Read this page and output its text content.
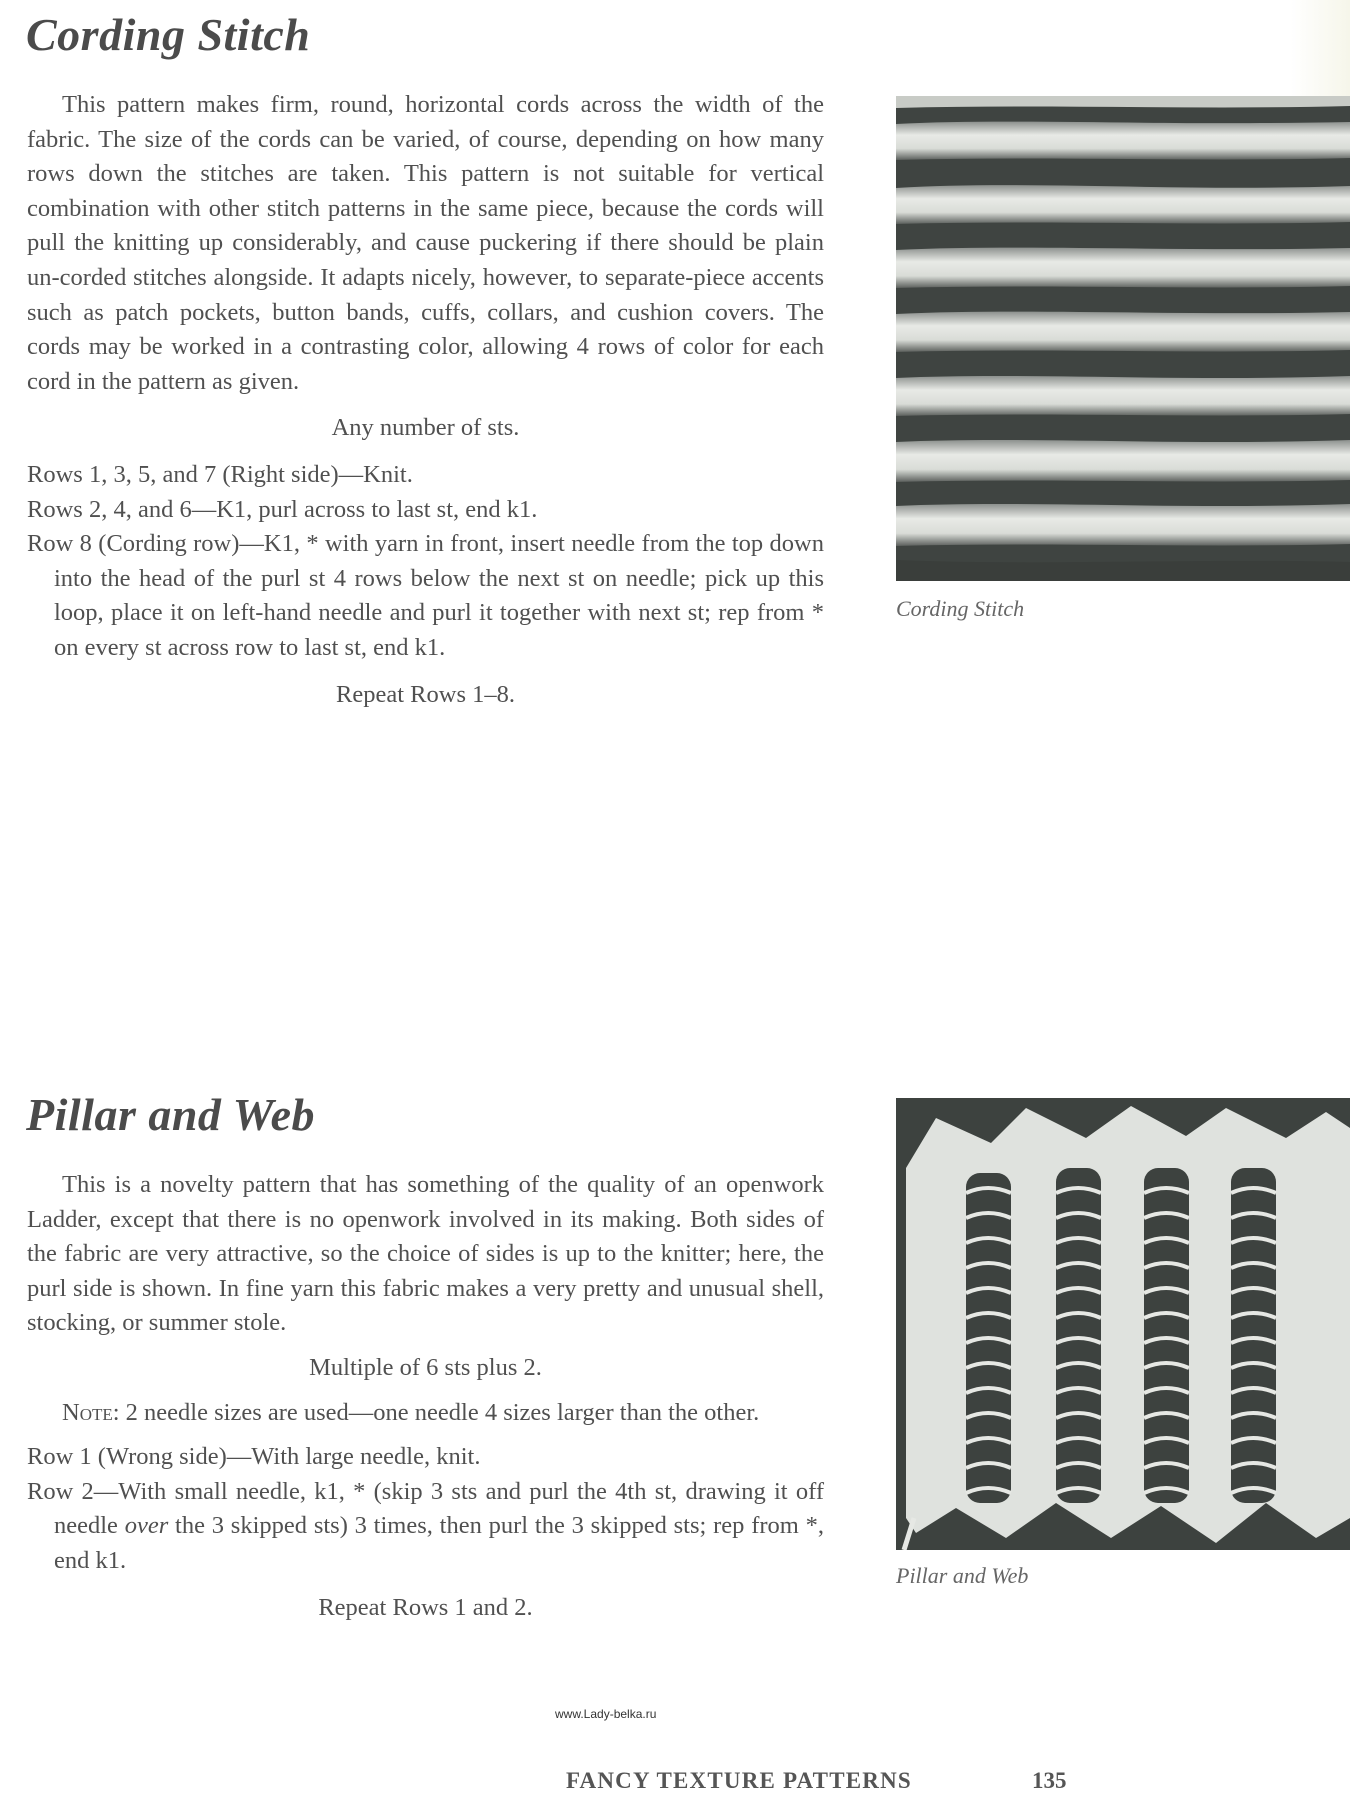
Cording Stitch

This pattern makes firm, round, horizontal cords across the width of the fabric. The size of the cords can be varied, of course, depending on how many rows down the stitches are taken. This pattern is not suitable for vertical combination with other stitch patterns in the same piece, because the cords will pull the knitting up considerably, and cause puckering if there should be plain un-corded stitches alongside. It adapts nicely, however, to separate-piece accents such as patch pockets, button bands, cuffs, collars, and cushion covers. The cords may be worked in a contrasting color, allowing 4 rows of color for each cord in the pattern as given.

Any number of sts.

Rows 1, 3, 5, and 7 (Right side)—Knit.

Rows 2, 4, and 6—K1, purl across to last st, end k1.

Row 8 (Cording row)—K1, * with yarn in front, insert needle from the top down into the head of the purl st 4 rows below the next st on needle; pick up this loop, place it on left-hand needle and purl it together with next st; rep from * on every st across row to last st, end k1.

Repeat Rows 1–8.

Cording Stitch
Pillar and Web

This is a novelty pattern that has something of the quality of an openwork Ladder, except that there is no openwork involved in its making. Both sides of the fabric are very attractive, so the choice of sides is up to the knitter; here, the purl side is shown. In fine yarn this fabric makes a very pretty and unusual shell, stocking, or summer stole.

Multiple of 6 sts plus 2.

Note: 2 needle sizes are used—one needle 4 sizes larger than the other.

Row 1 (Wrong side)—With large needle, knit.

Row 2—With small needle, k1, * (skip 3 sts and purl the 4th st, drawing it off needle over the 3 skipped sts) 3 times, then purl the 3 skipped sts; rep from *, end k1.

Repeat Rows 1 and 2.

Pillar and Web
www.Lady-belka.ru
FANCY TEXTURE PATTERNS	135
